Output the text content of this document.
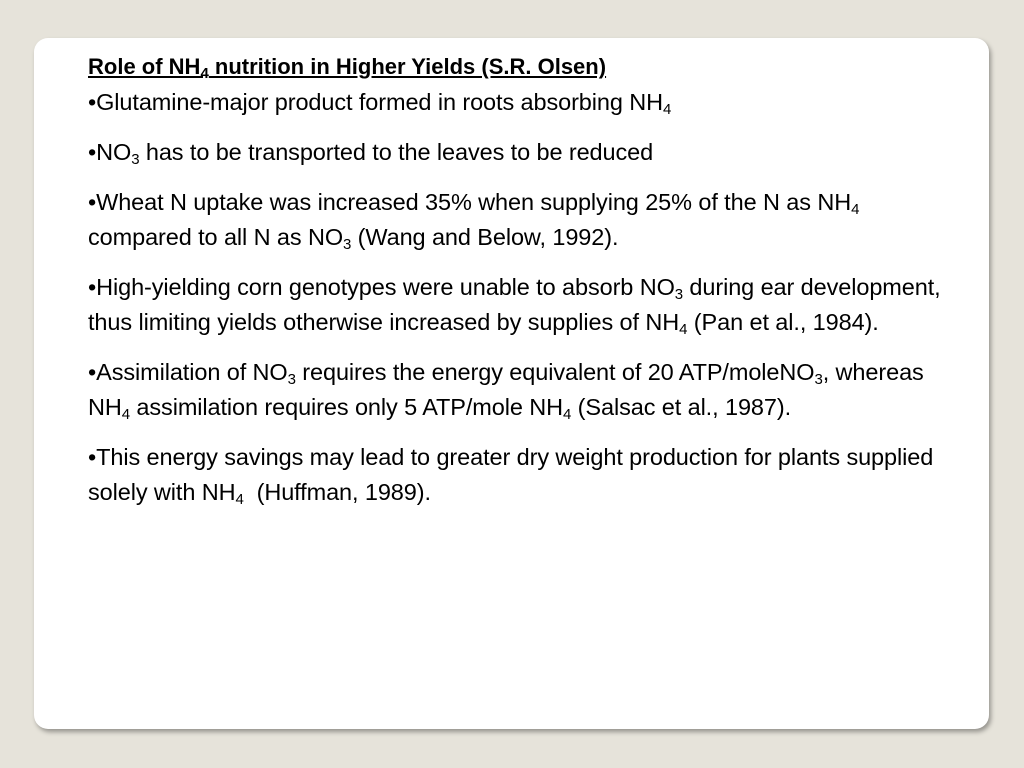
Role of $NH_4$ nutrition in Higher Yields (S.R. Olsen)
•Glutamine-major product formed in roots absorbing $NH_4$
$•NO_3$ has to be transported to the leaves to be reduced
•Wheat N uptake was increased 35% when supplying 25% of the N as $NH_4$ compared to all N as $NO_3$ (Wang and Below, 1992).
•High-yielding corn genotypes were unable to absorb $NO_3$ during ear development, thus limiting yields otherwise increased by supplies of $NH_4$ (Pan et al., 1984).
•Assimilation of $NO_3$ requires the energy equivalent of 20 ATP/moleNO$_3$, whereas $NH_4$ assimilation requires only 5 ATP/mole $NH_4$ (Salsac et al., 1987).
•This energy savings may lead to greater dry weight production for plants supplied solely with $NH_4$  (Huffman, 1989).
